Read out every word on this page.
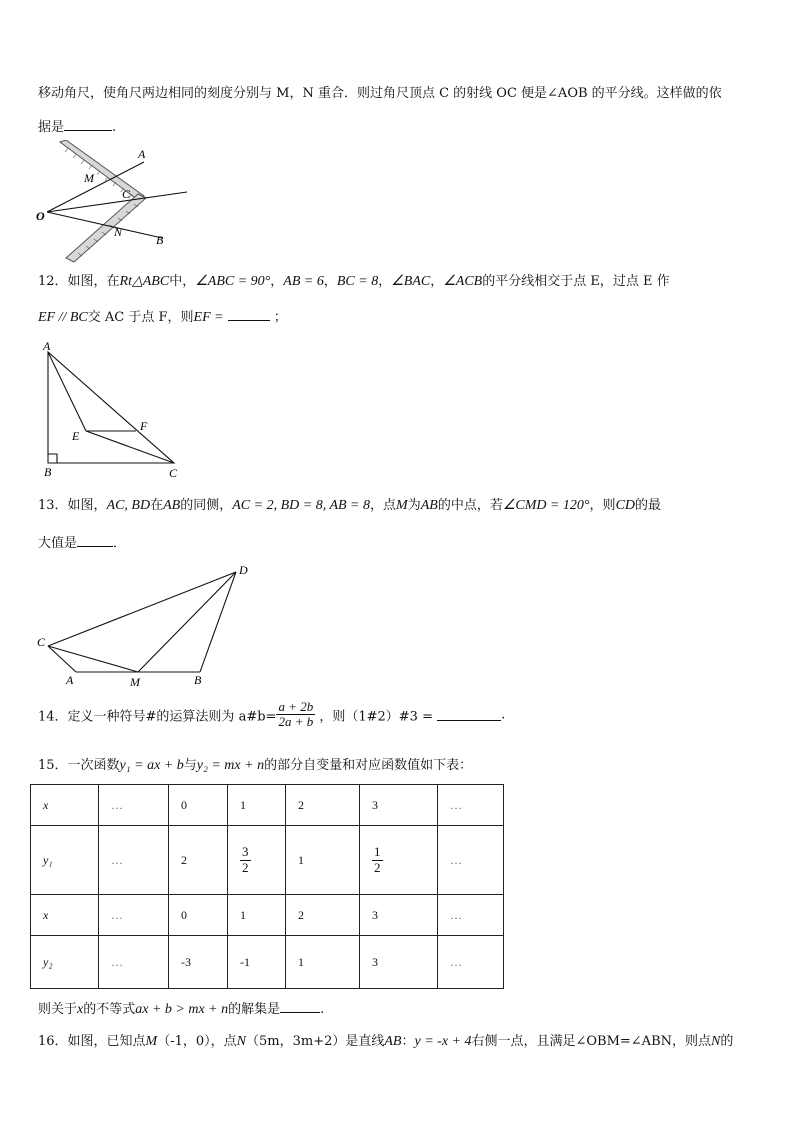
移动角尺，使角尺两边相同的刻度分别与 M，N 重合．则过角尺顶点 C 的射线 OC 便是∠AOB 的平分线。这样做的依
据是	.
A
M
C
O
N
B
12．如图，在Rt△ABC中，∠ABC = 90°，AB = 6，BC = 8，∠BAC，∠ACB的平分线相交于点 E，过点 E 作
EF // BC交 AC 于点 F，则EF =	；
A
E
F
B	C
13．如图，AC, BD在AB的同侧，AC = 2, BD = 8, AB = 8，点M为AB的中点，若∠CMD = 120°，则CD的最
大值是	．
C
D
A	M	B
14．定义一种符号#的运算法则为 a#b= $\frac{a + 2b}{2a + b}$ ，则（1#2）#3 =	.
15．一次函数y₁ = ax + b与y₂ = mx + n的部分自变量和对应函数值如下表：
x	…	0	1	2	3	…
y₁	…	2	$\frac{3}{2}$	1	$\frac{1}{2}$	…
x	…	0	1	2	3	…
y₂	…	-3	-1	1	3	…
则关于x的不等式ax + b > mx + n的解集是	.
16．如图，已知点M（-1，0），点N（5m，3m+2）是直线AB：y = -x + 4右侧一点，且满足∠OBM=∠ABN，则点N的
